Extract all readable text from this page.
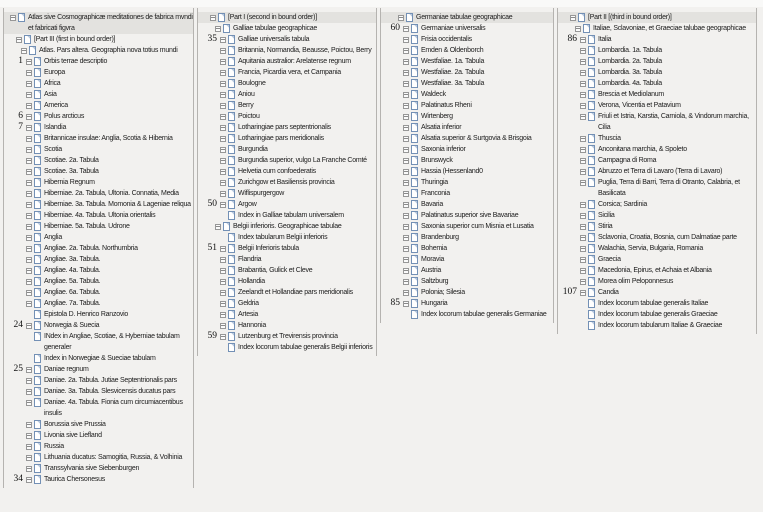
Atlas sive Cosmographicæ meditationes de fabrica mvndi et fabricati figvra
[Part III (first in bound order)]
Atlas. Pars altera. Geographia nova totius mundi
1	Orbis terrae descriptio
Europa
Africa
Asia
America
6	Polus arcticus
7	Islandia
Britannicae insulae: Anglia, Scotia & Hibernia
Scotia
Scotiae. 2a. Tabula
Scotiae. 3a. Tabula
Hibernia Regnum
Hiberniae. 2a. Tabula, Ultonia. Connatia, Media
Hiberniae. 3a. Tabula. Momonia & Lageniae reliqua
Hiberniae. 4a. Tabula. Ultonia orientalis
Hiberniae. 5a. Tabula. Udrone
Anglia
Angliae. 2a. Tabula. Northumbria
Angliae. 3a. Tabula.
Angliae. 4a. Tabula.
Angliae. 5a. Tabula.
Angliae. 6a. Tabula.
Angliae. 7a. Tabula.
Epistola D. Henrico Ranzovio
24	Norwegia & Suecia
INdex in Angliae, Scotiae, & Hyberniae tabulam generaler
Index in Norwegiae & Sueciae tabulam
25	Daniae regnum
Daniae. 2a. Tabula. Jutiae Septentrionalis pars
Daniae. 3a. Tabula. Slesvicensis ducatus pars
Daniae. 4a. Tabula. Fionia cum circumiacentibus insulis
Borussia sive Prussia
Livonia sive Liefland
Russia
Lithuania ducatus: Samogitia, Russia, & Volhinia
Transsylvania sive Siebenburgen
34	Taurica Chersonesus
[Part I (second in bound order)]
Galliae tabulae geographicae
35	Galliae universalis tabula
Britannia, Normandia, Beausse, Poictou, Berry
Aquitania australior: Arelatense regnum
Francia, Picardia vera, et Campania
Boulogne
Aniou
Berry
Poictou
Lotharingiae pars septentrionalis
Lotharingiae pars meridionalis
Burgundia
Burgundia superior, vulgo La Franche Comté
Helvetia cum confoederatis
Zurichgow et Basiliensis provincia
Wiflispurgergow
50	Argow
Index in Galliae tabulam universalem
Belgii inferioris. Geographicae tabulae
Index tabularum Belgii inferioris
51	Belgii Inferioris tabula
Flandria
Brabantia, Gulick et Cleve
Hollandia
Zeelandt et Hollandiae pars meridionalis
Geldria
Artesia
Hannonia
59	Lutzenburg et Trevirensis provincia
Index locorum tabulae generalis Belgii inferioris
Germaniae tabulae geographicae
60	Germaniae universalis
Frisia occidentalis
Emden & Oldenborch
Westfaliae. 1a. Tabula
Westfaliae. 2a. Tabula
Westfaliae. 3a. Tabula
Waldeck
Palatinatus Rheni
Wirtenberg
Alsatia inferior
Alsatia superior & Surtgovia & Brisgoia
Saxonia inferior
Brunswyck
Hassia (Hessenland0
Thuringia
Franconia
Bavaria
Palatinatus superior sive Bavariae
Saxonia superior cum Misnia et Lusatia
Brandenburg
Bohemia
Moravia
Austria
Saltzburg
Polonia; Silesia
85	Hungaria
Index locorum tabulae generalis Germaniae
[Part II [(third in bound order)]
Italiae, Sclavoniae, et Graeciae talubae geographicae
86	Italia
Lombardia. 1a. Tabula
Lombardia. 2a. Tabula
Lombardia. 3a. Tabula
Lombardia. 4a. Tabula
Brescia et Mediolanum
Verona, Vicentia et Patavium
Friuli et Istria, Karstia, Carniola, & Vindorum marchia, Cilia
Thuscia
Anconitana marchia, & Spoleto
Campagna di Roma
Abruzzo et Terra di Lavaro (Terra di Lavaro)
Puglia, Terra di Barri, Terra di Otranto, Calabria, et Basilicata
Corsica; Sardinia
Sicilia
Stiria
Sclavonia, Croatia, Bosnia, cum Dalmatiae parte
Walachia, Servia, Bulgaria, Romania
Graecia
Macedonia, Epirus, et Achaia et Albania
Morea olim Peloponnesus
107	Candia
Index locorum tabulae generalis Italiae
Index locorum tabulae generalis Graeciae
Index locorum tabularum Italiae & Graeciae
